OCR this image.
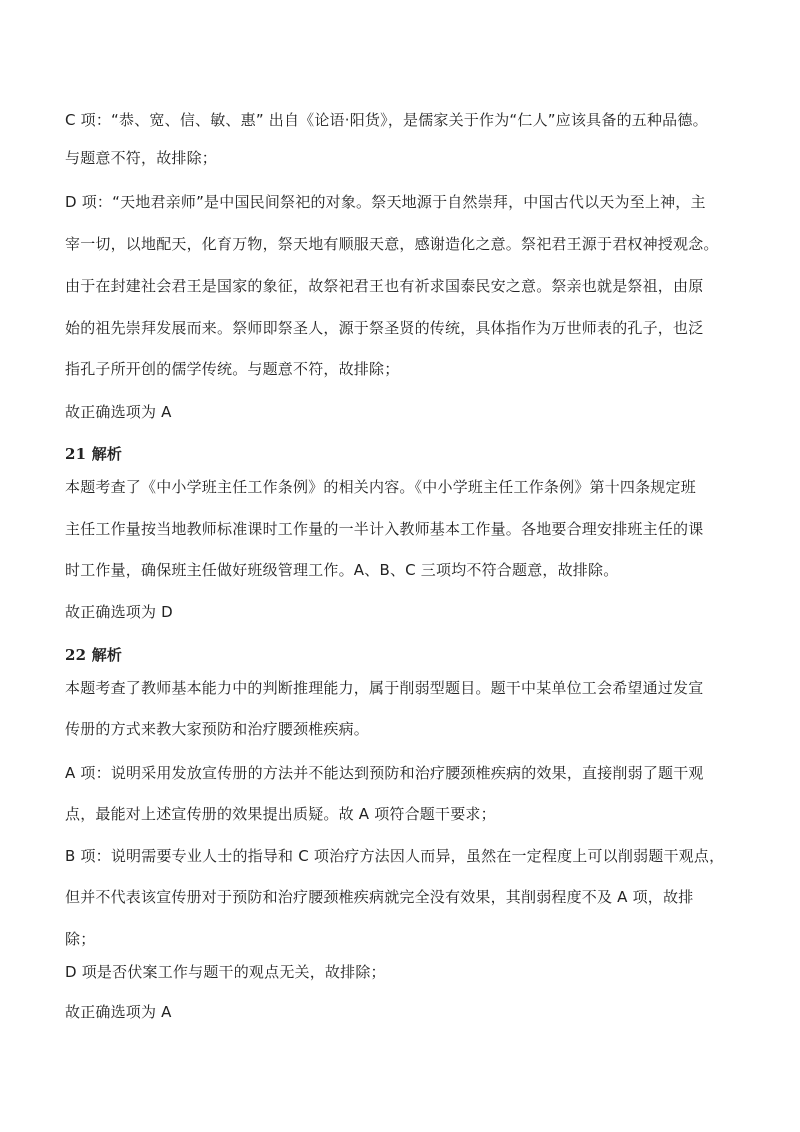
C 项：“恭、宽、信、敏、惠” 出自《论语·阳货》，是儒家关于作为“仁人”应该具备的五种品德。
与题意不符，故排除；
D 项：“天地君亲师”是中国民间祭祀的对象。祭天地源于自然崇拜，中国古代以天为至上神，主
宰一切，以地配天，化育万物，祭天地有顺服天意，感谢造化之意。祭祀君王源于君权神授观念。
由于在封建社会君王是国家的象征，故祭祀君王也有祈求国泰民安之意。祭亲也就是祭祖，由原
始的祖先崇拜发展而来。祭师即祭圣人，源于祭圣贤的传统，具体指作为万世师表的孔子，也泛
指孔子所开创的儒学传统。与题意不符，故排除；
故正确选项为 A
21 解析
本题考查了《中小学班主任工作条例》的相关内容。《中小学班主任工作条例》第十四条规定班
主任工作量按当地教师标准课时工作量的一半计入教师基本工作量。各地要合理安排班主任的课
时工作量，确保班主任做好班级管理工作。A、B、C 三项均不符合题意，故排除。
故正确选项为 D
22 解析
本题考查了教师基本能力中的判断推理能力，属于削弱型题目。题干中某单位工会希望通过发宣
传册的方式来教大家预防和治疗腰颈椎疾病。
A 项：说明采用发放宣传册的方法并不能达到预防和治疗腰颈椎疾病的效果，直接削弱了题干观
点，最能对上述宣传册的效果提出质疑。故 A 项符合题干要求；
B 项：说明需要专业人士的指导和 C 项治疗方法因人而异，虽然在一定程度上可以削弱题干观点，
但并不代表该宣传册对于预防和治疗腰颈椎疾病就完全没有效果，其削弱程度不及 A 项，故排
除；
D 项是否伏案工作与题干的观点无关，故排除；
故正确选项为 A
